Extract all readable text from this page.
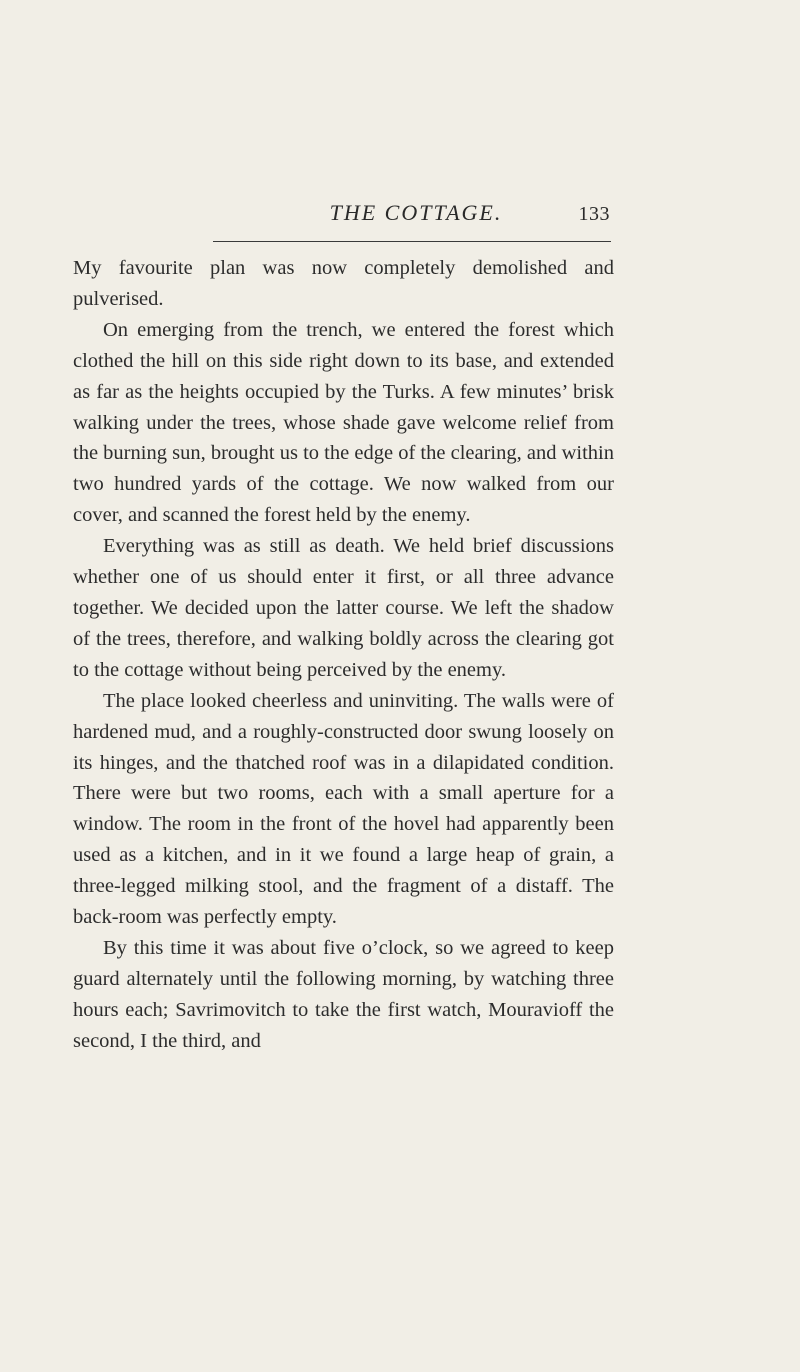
THE COTTAGE.	133

My favourite plan was now completely demolished and pulverised.

On emerging from the trench, we entered the forest which clothed the hill on this side right down to its base, and extended as far as the heights occupied by the Turks. A few minutes’ brisk walking under the trees, whose shade gave welcome relief from the burning sun, brought us to the edge of the clearing, and within two hundred yards of the cottage. We now walked from our cover, and scanned the forest held by the enemy.

Everything was as still as death. We held brief discussions whether one of us should enter it first, or all three advance together. We decided upon the latter course. We left the shadow of the trees, therefore, and walking boldly across the clearing got to the cottage without being perceived by the enemy.

The place looked cheerless and uninviting. The walls were of hardened mud, and a roughly-constructed door swung loosely on its hinges, and the thatched roof was in a dilapidated condition. There were but two rooms, each with a small aperture for a window. The room in the front of the hovel had apparently been used as a kitchen, and in it we found a large heap of grain, a three-legged milking stool, and the fragment of a distaff. The back-room was perfectly empty.

By this time it was about five o’clock, so we agreed to keep guard alternately until the following morning, by watching three hours each; Savrimovitch to take the first watch, Mouravioff the second, I the third, and
